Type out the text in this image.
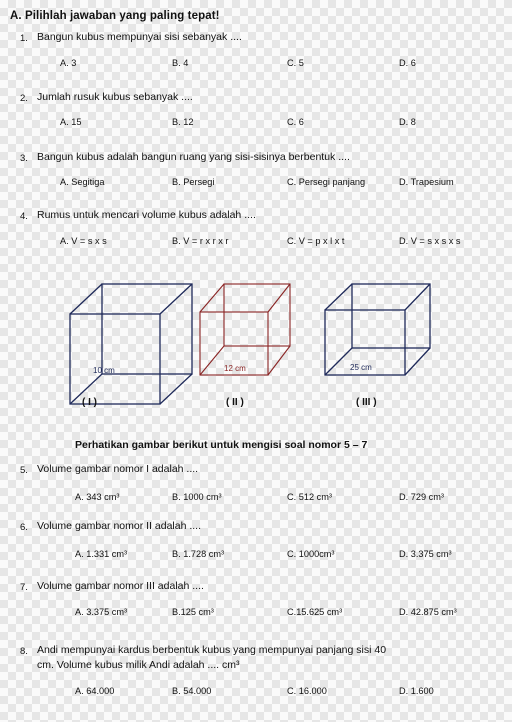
A. Pilihlah jawaban yang paling tepat!
1. Bangun kubus mempunyai sisi sebanyak ....
A. 3	B. 4	C. 5	D. 6
2. Jumlah rusuk kubus sebanyak ....
A. 15	B. 12	C. 6	D. 8
3. Bangun kubus adalah bangun ruang yang sisi-sisinya berbentuk ....
A. Segitiga	B. Persegi	C. Persegi panjang	D. Trapesium
4. Rumus untuk mencari volume kubus adalah ....
A. V = s x s	B. V = r x r x r	C. V = p x l x t	D. V = s x s x s
10 cm	12 cm	25 cm
( I )	( II )	( III )
Perhatikan gambar berikut untuk mengisi soal nomor 5 – 7
5. Volume gambar nomor I adalah ....
A. 343 cm³	B. 1000 cm³	C. 512 cm³	D. 729 cm³
6. Volume gambar nomor II adalah ....
A. 1.331 cm³	B. 1.728 cm³	C. 1000cm³	D. 3.375 cm³
7. Volume gambar nomor III adalah ....
A. 3.375 cm³	B.125 cm³	C.15.625 cm³	D. 42.875 cm³
8. Andi mempunyai kardus berbentuk kubus yang mempunyai panjang sisi 40
cm. Volume kubus milik Andi adalah .... cm³
A. 64.000	B. 54.000	C. 16.000	D. 1.600
